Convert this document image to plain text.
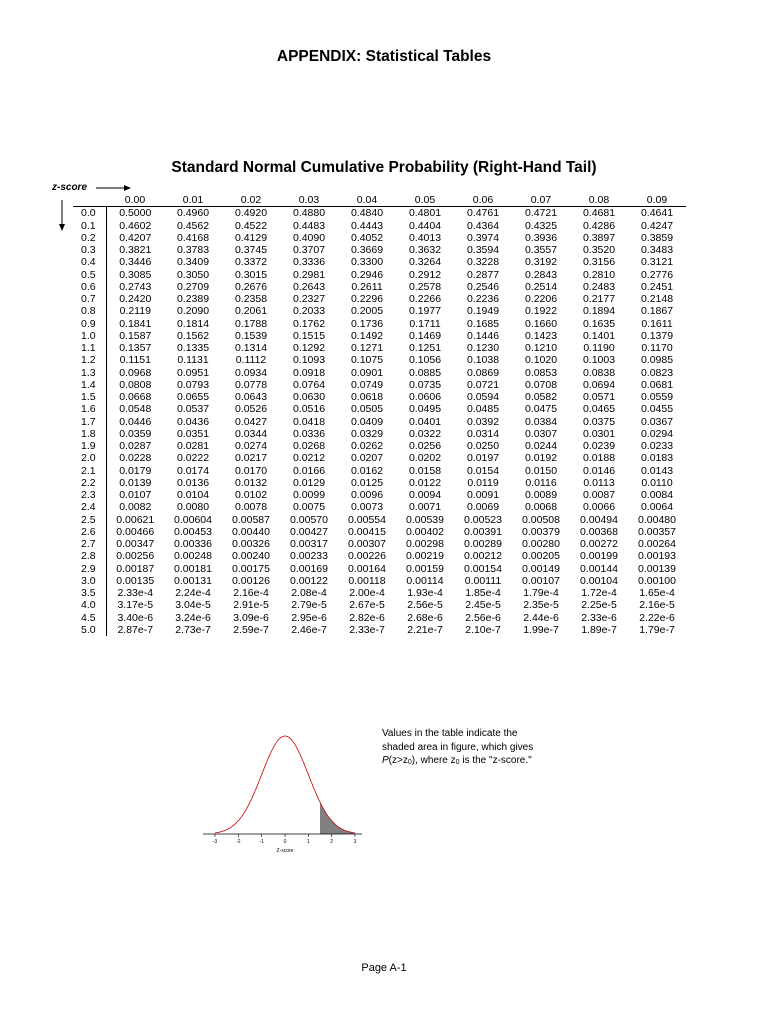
APPENDIX: Statistical Tables
Standard Normal Cumulative Probability (Right-Hand Tail)
z-score
	0.00	0.01	0.02	0.03	0.04	0.05	0.06	0.07	0.08	0.09
0.0	0.5000	0.4960	0.4920	0.4880	0.4840	0.4801	0.4761	0.4721	0.4681	0.4641
0.1	0.4602	0.4562	0.4522	0.4483	0.4443	0.4404	0.4364	0.4325	0.4286	0.4247
0.2	0.4207	0.4168	0.4129	0.4090	0.4052	0.4013	0.3974	0.3936	0.3897	0.3859
0.3	0.3821	0.3783	0.3745	0.3707	0.3669	0.3632	0.3594	0.3557	0.3520	0.3483
0.4	0.3446	0.3409	0.3372	0.3336	0.3300	0.3264	0.3228	0.3192	0.3156	0.3121
0.5	0.3085	0.3050	0.3015	0.2981	0.2946	0.2912	0.2877	0.2843	0.2810	0.2776
0.6	0.2743	0.2709	0.2676	0.2643	0.2611	0.2578	0.2546	0.2514	0.2483	0.2451
0.7	0.2420	0.2389	0.2358	0.2327	0.2296	0.2266	0.2236	0.2206	0.2177	0.2148
0.8	0.2119	0.2090	0.2061	0.2033	0.2005	0.1977	0.1949	0.1922	0.1894	0.1867
0.9	0.1841	0.1814	0.1788	0.1762	0.1736	0.1711	0.1685	0.1660	0.1635	0.1611
1.0	0.1587	0.1562	0.1539	0.1515	0.1492	0.1469	0.1446	0.1423	0.1401	0.1379
1.1	0.1357	0.1335	0.1314	0.1292	0.1271	0.1251	0.1230	0.1210	0.1190	0.1170
1.2	0.1151	0.1131	0.1112	0.1093	0.1075	0.1056	0.1038	0.1020	0.1003	0.0985
1.3	0.0968	0.0951	0.0934	0.0918	0.0901	0.0885	0.0869	0.0853	0.0838	0.0823
1.4	0.0808	0.0793	0.0778	0.0764	0.0749	0.0735	0.0721	0.0708	0.0694	0.0681
1.5	0.0668	0.0655	0.0643	0.0630	0.0618	0.0606	0.0594	0.0582	0.0571	0.0559
1.6	0.0548	0.0537	0.0526	0.0516	0.0505	0.0495	0.0485	0.0475	0.0465	0.0455
1.7	0.0446	0.0436	0.0427	0.0418	0.0409	0.0401	0.0392	0.0384	0.0375	0.0367
1.8	0.0359	0.0351	0.0344	0.0336	0.0329	0.0322	0.0314	0.0307	0.0301	0.0294
1.9	0.0287	0.0281	0.0274	0.0268	0.0262	0.0256	0.0250	0.0244	0.0239	0.0233
2.0	0.0228	0.0222	0.0217	0.0212	0.0207	0.0202	0.0197	0.0192	0.0188	0.0183
2.1	0.0179	0.0174	0.0170	0.0166	0.0162	0.0158	0.0154	0.0150	0.0146	0.0143
2.2	0.0139	0.0136	0.0132	0.0129	0.0125	0.0122	0.0119	0.0116	0.0113	0.0110
2.3	0.0107	0.0104	0.0102	0.0099	0.0096	0.0094	0.0091	0.0089	0.0087	0.0084
2.4	0.0082	0.0080	0.0078	0.0075	0.0073	0.0071	0.0069	0.0068	0.0066	0.0064
2.5	0.00621	0.00604	0.00587	0.00570	0.00554	0.00539	0.00523	0.00508	0.00494	0.00480
2.6	0.00466	0.00453	0.00440	0.00427	0.00415	0.00402	0.00391	0.00379	0.00368	0.00357
2.7	0.00347	0.00336	0.00326	0.00317	0.00307	0.00298	0.00289	0.00280	0.00272	0.00264
2.8	0.00256	0.00248	0.00240	0.00233	0.00226	0.00219	0.00212	0.00205	0.00199	0.00193
2.9	0.00187	0.00181	0.00175	0.00169	0.00164	0.00159	0.00154	0.00149	0.00144	0.00139
3.0	0.00135	0.00131	0.00126	0.00122	0.00118	0.00114	0.00111	0.00107	0.00104	0.00100
3.5	2.33e-4	2.24e-4	2.16e-4	2.08e-4	2.00e-4	1.93e-4	1.85e-4	1.79e-4	1.72e-4	1.65e-4
4.0	3.17e-5	3.04e-5	2.91e-5	2.79e-5	2.67e-5	2.56e-5	2.45e-5	2.35e-5	2.25e-5	2.16e-5
4.5	3.40e-6	3.24e-6	3.09e-6	2.95e-6	2.82e-6	2.68e-6	2.56e-6	2.44e-6	2.33e-6	2.22e-6
5.0	2.87e-7	2.73e-7	2.59e-7	2.46e-7	2.33e-7	2.21e-7	2.10e-7	1.99e-7	1.89e-7	1.79e-7
-3	-2	-1	0	1	2	3
Z-score
Values in the table indicate the shaded area in figure, which gives $P(z>z_0)$, where $z_0$ is the "z-score."
Page A-1
